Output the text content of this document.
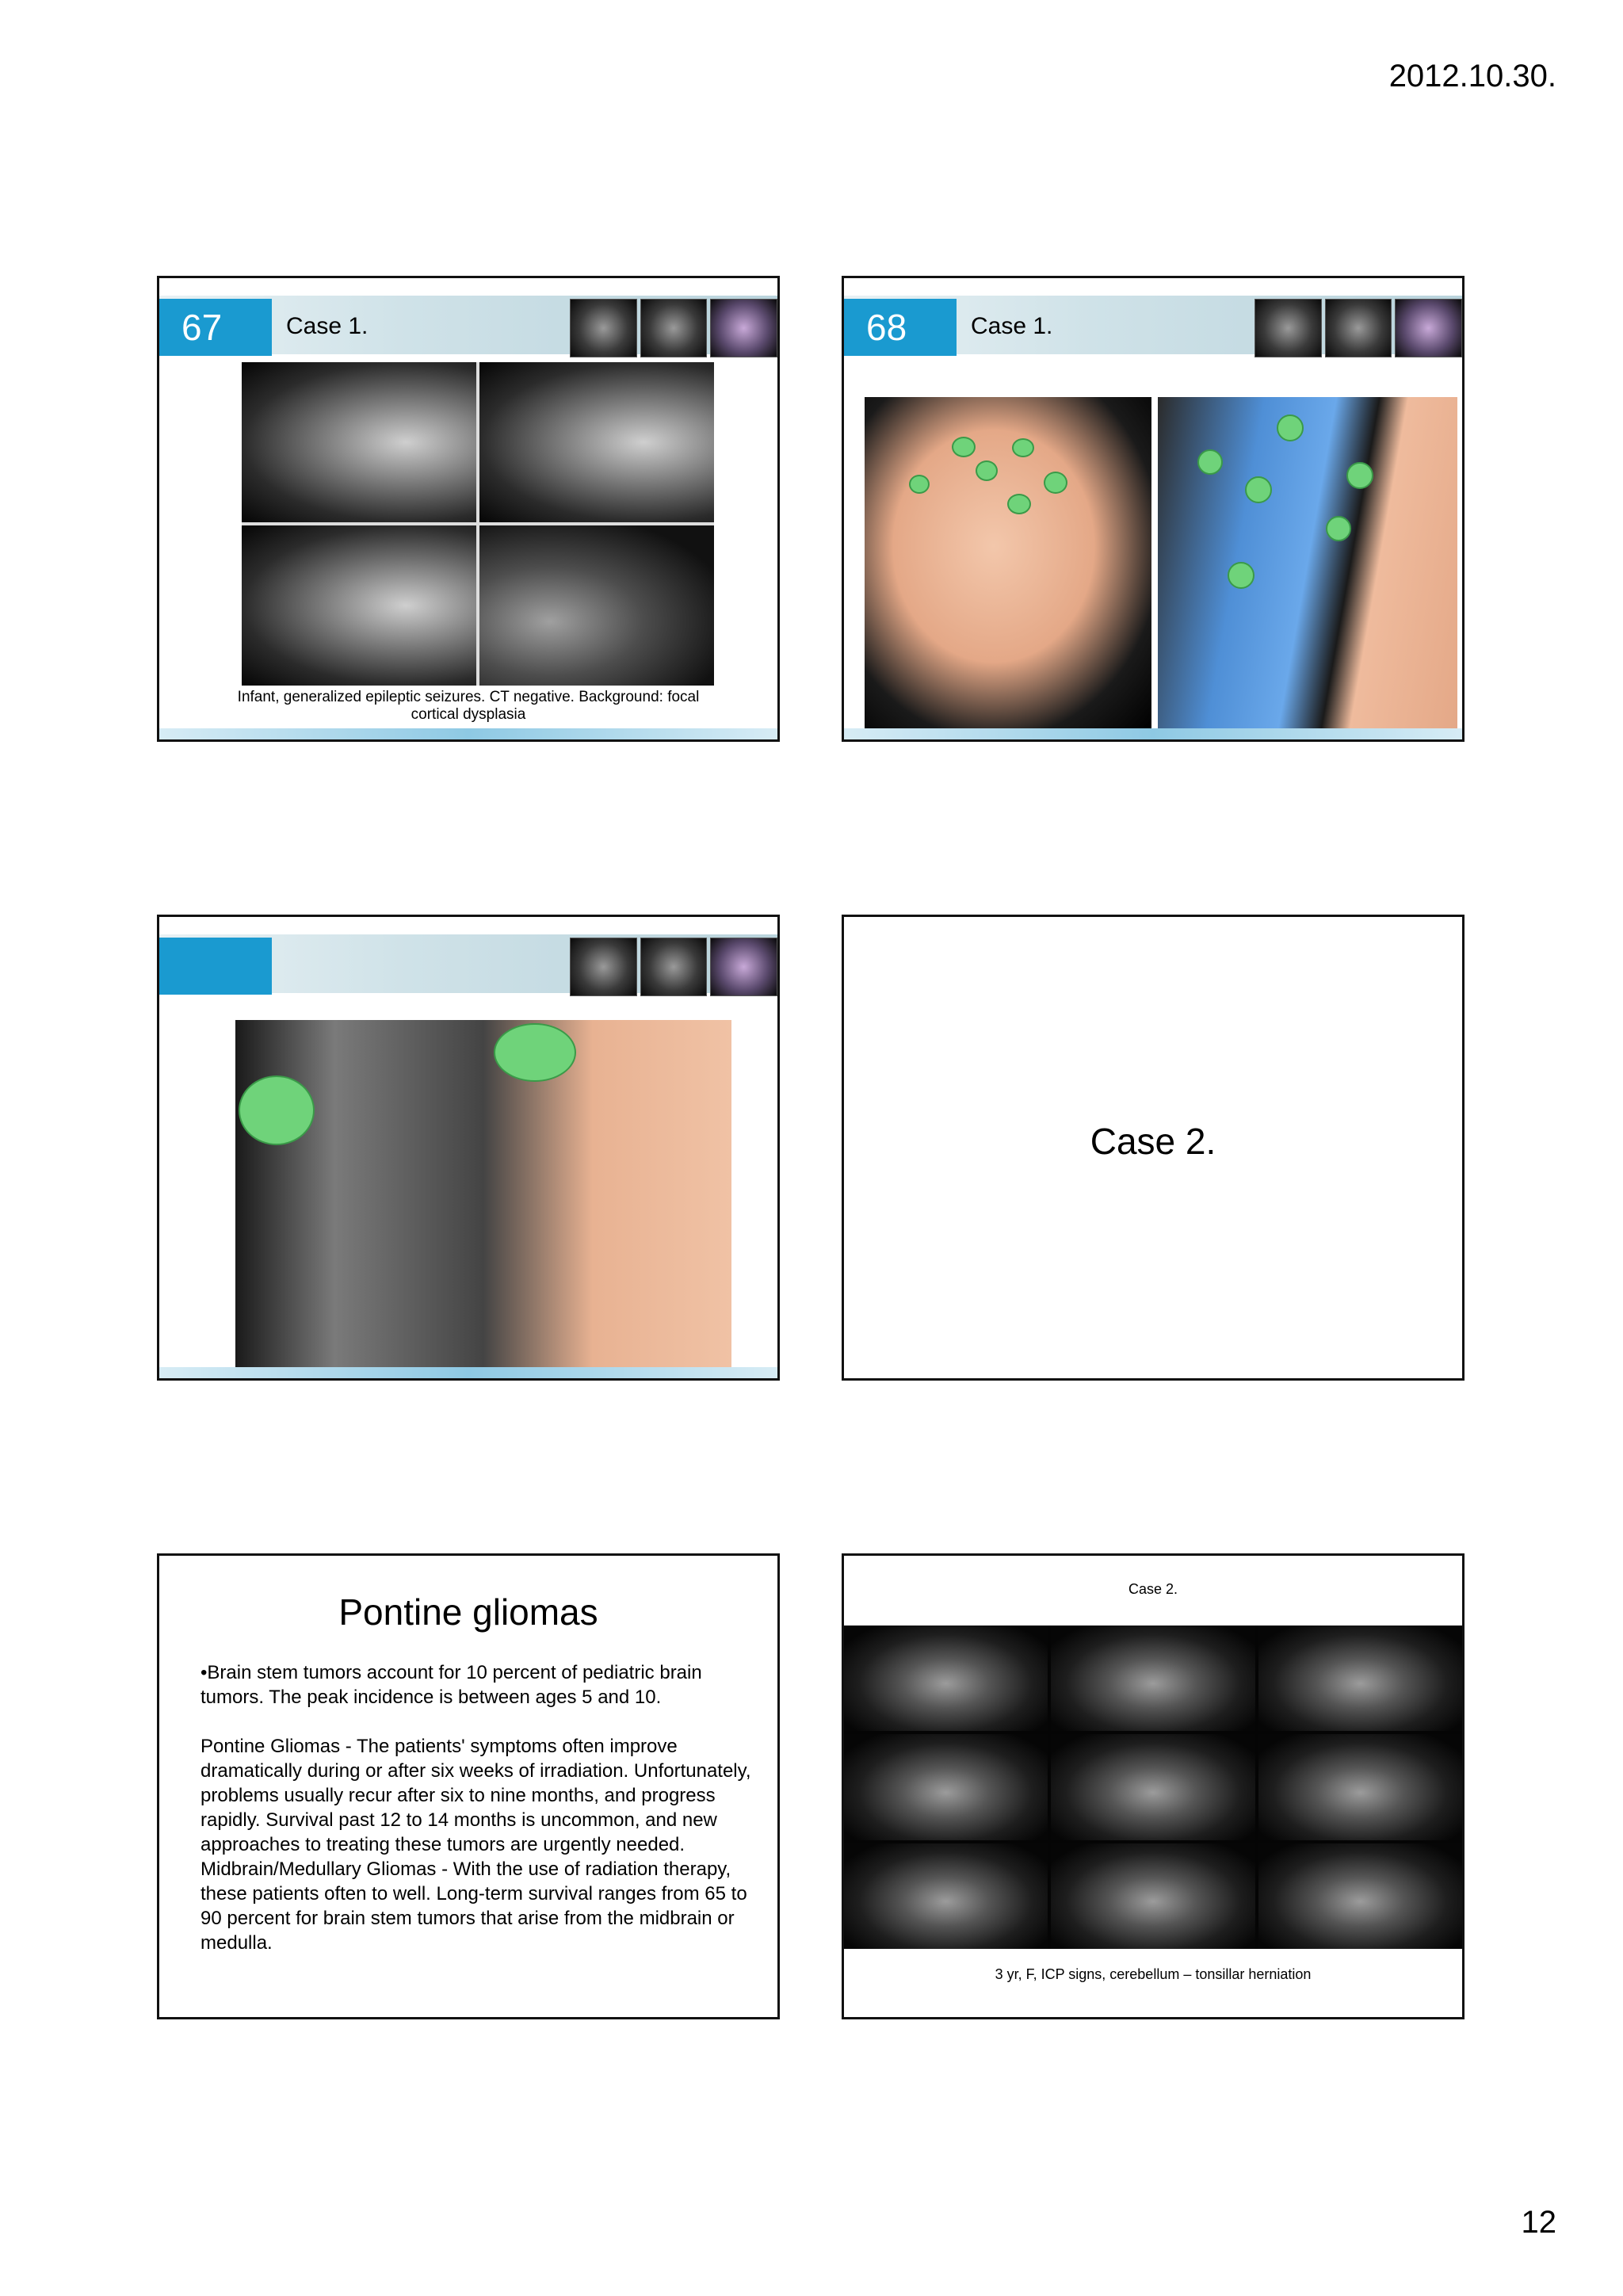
2012.10.30.
67	Case 1.
Infant, generalized epileptic seizures. CT negative. Background: focal cortical dysplasia
68	Case 1.
Case 2.
Pontine gliomas

•Brain stem tumors account for 10 percent of pediatric brain tumors. The peak incidence is between ages 5 and 10.

Pontine Gliomas - The patients' symptoms often improve dramatically during or after six weeks of irradiation. Unfortunately, problems usually recur after six to nine months, and progress rapidly. Survival past 12 to 14 months is uncommon, and new approaches to treating these tumors are urgently needed.

Midbrain/Medullary Gliomas - With the use of radiation therapy, these patients often to well. Long-term survival ranges from 65 to 90 percent for brain stem tumors that arise from the midbrain or medulla.

Case 2.
3 yr, F, ICP signs, cerebellum – tonsillar herniation
12
